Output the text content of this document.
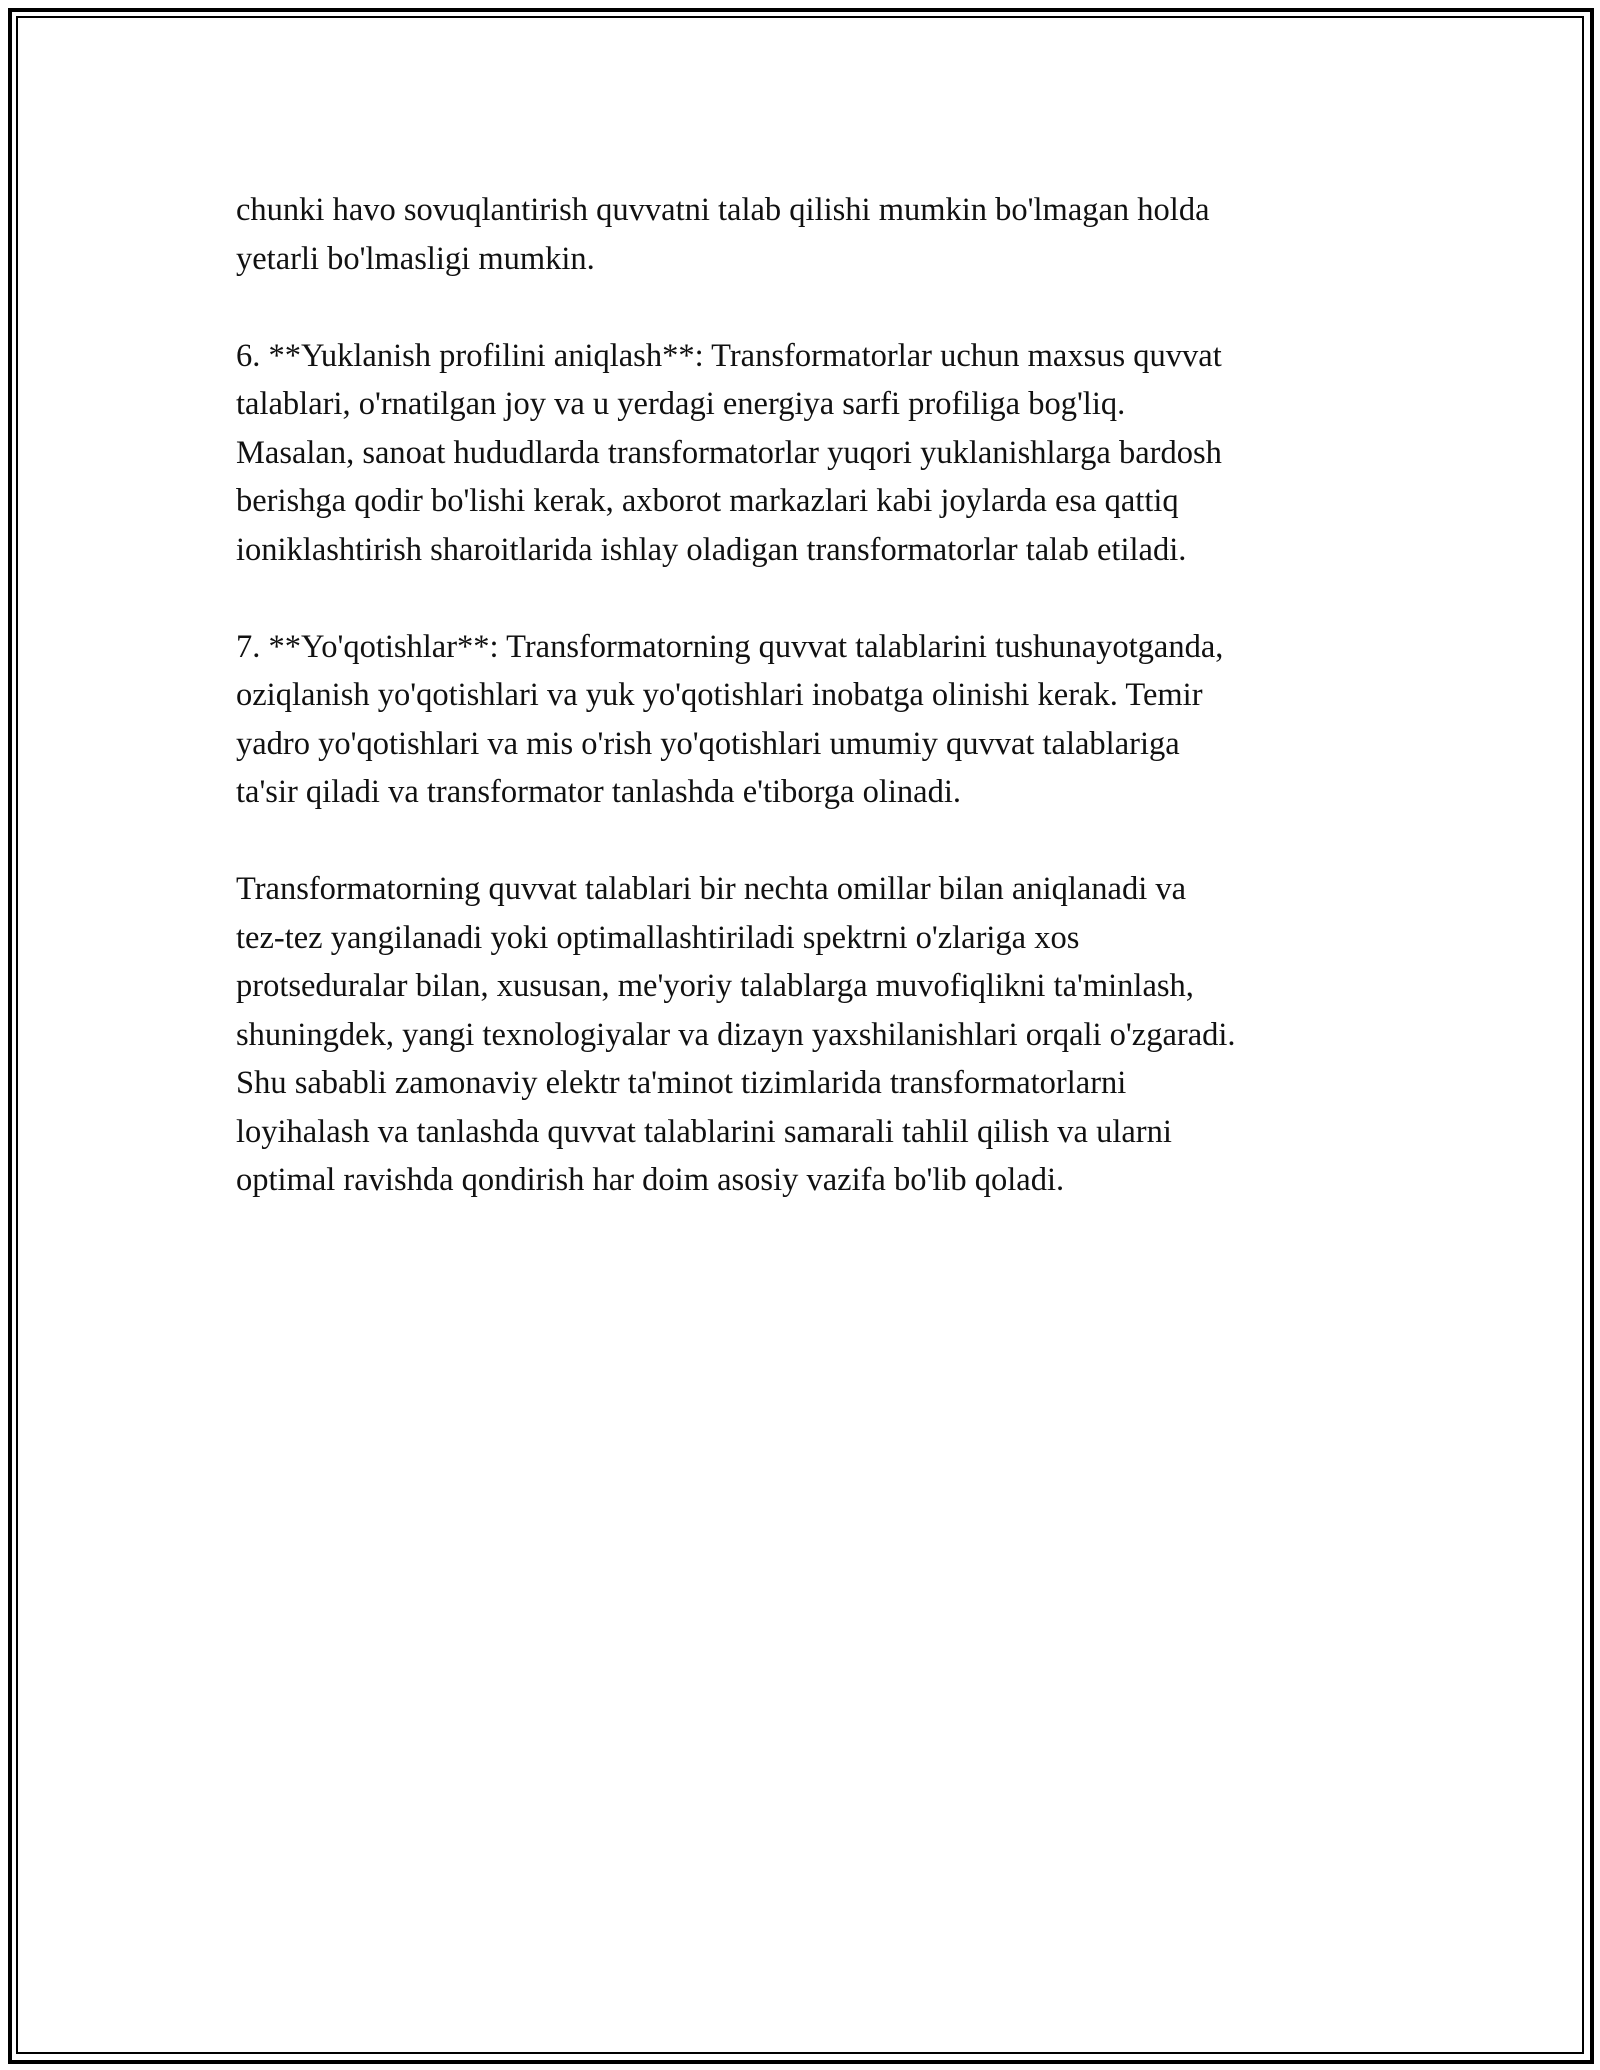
chunki havo sovuqlantirish quvvatni talab qilishi mumkin bo'lmagan holda
yetarli bo'lmasligi mumkin.
6. **Yuklanish profilini aniqlash**: Transformatorlar uchun maxsus quvvat
talablari, o'rnatilgan joy va u yerdagi energiya sarfi profiliga bog'liq.
Masalan, sanoat hududlarda transformatorlar yuqori yuklanishlarga bardosh
berishga qodir bo'lishi kerak, axborot markazlari kabi joylarda esa qattiq
ioniklashtirish sharoitlarida ishlay oladigan transformatorlar talab etiladi.
7. **Yo'qotishlar**: Transformatorning quvvat talablarini tushunayotganda,
oziqlanish yo'qotishlari va yuk yo'qotishlari inobatga olinishi kerak. Temir
yadro yo'qotishlari va mis o'rish yo'qotishlari umumiy quvvat talablariga
ta'sir qiladi va transformator tanlashda e'tiborga olinadi.
Transformatorning quvvat talablari bir nechta omillar bilan aniqlanadi va
tez-tez yangilanadi yoki optimallashtiriladi spektrni o'zlariga xos
protseduralar bilan, xususan, me'yoriy talablarga muvofiqlikni ta'minlash,
shuningdek, yangi texnologiyalar va dizayn yaxshilanishlari orqali o'zgaradi.
Shu sababli zamonaviy elektr ta'minot tizimlarida transformatorlarni
loyihalash va tanlashda quvvat talablarini samarali tahlil qilish va ularni
optimal ravishda qondirish har doim asosiy vazifa bo'lib qoladi.
